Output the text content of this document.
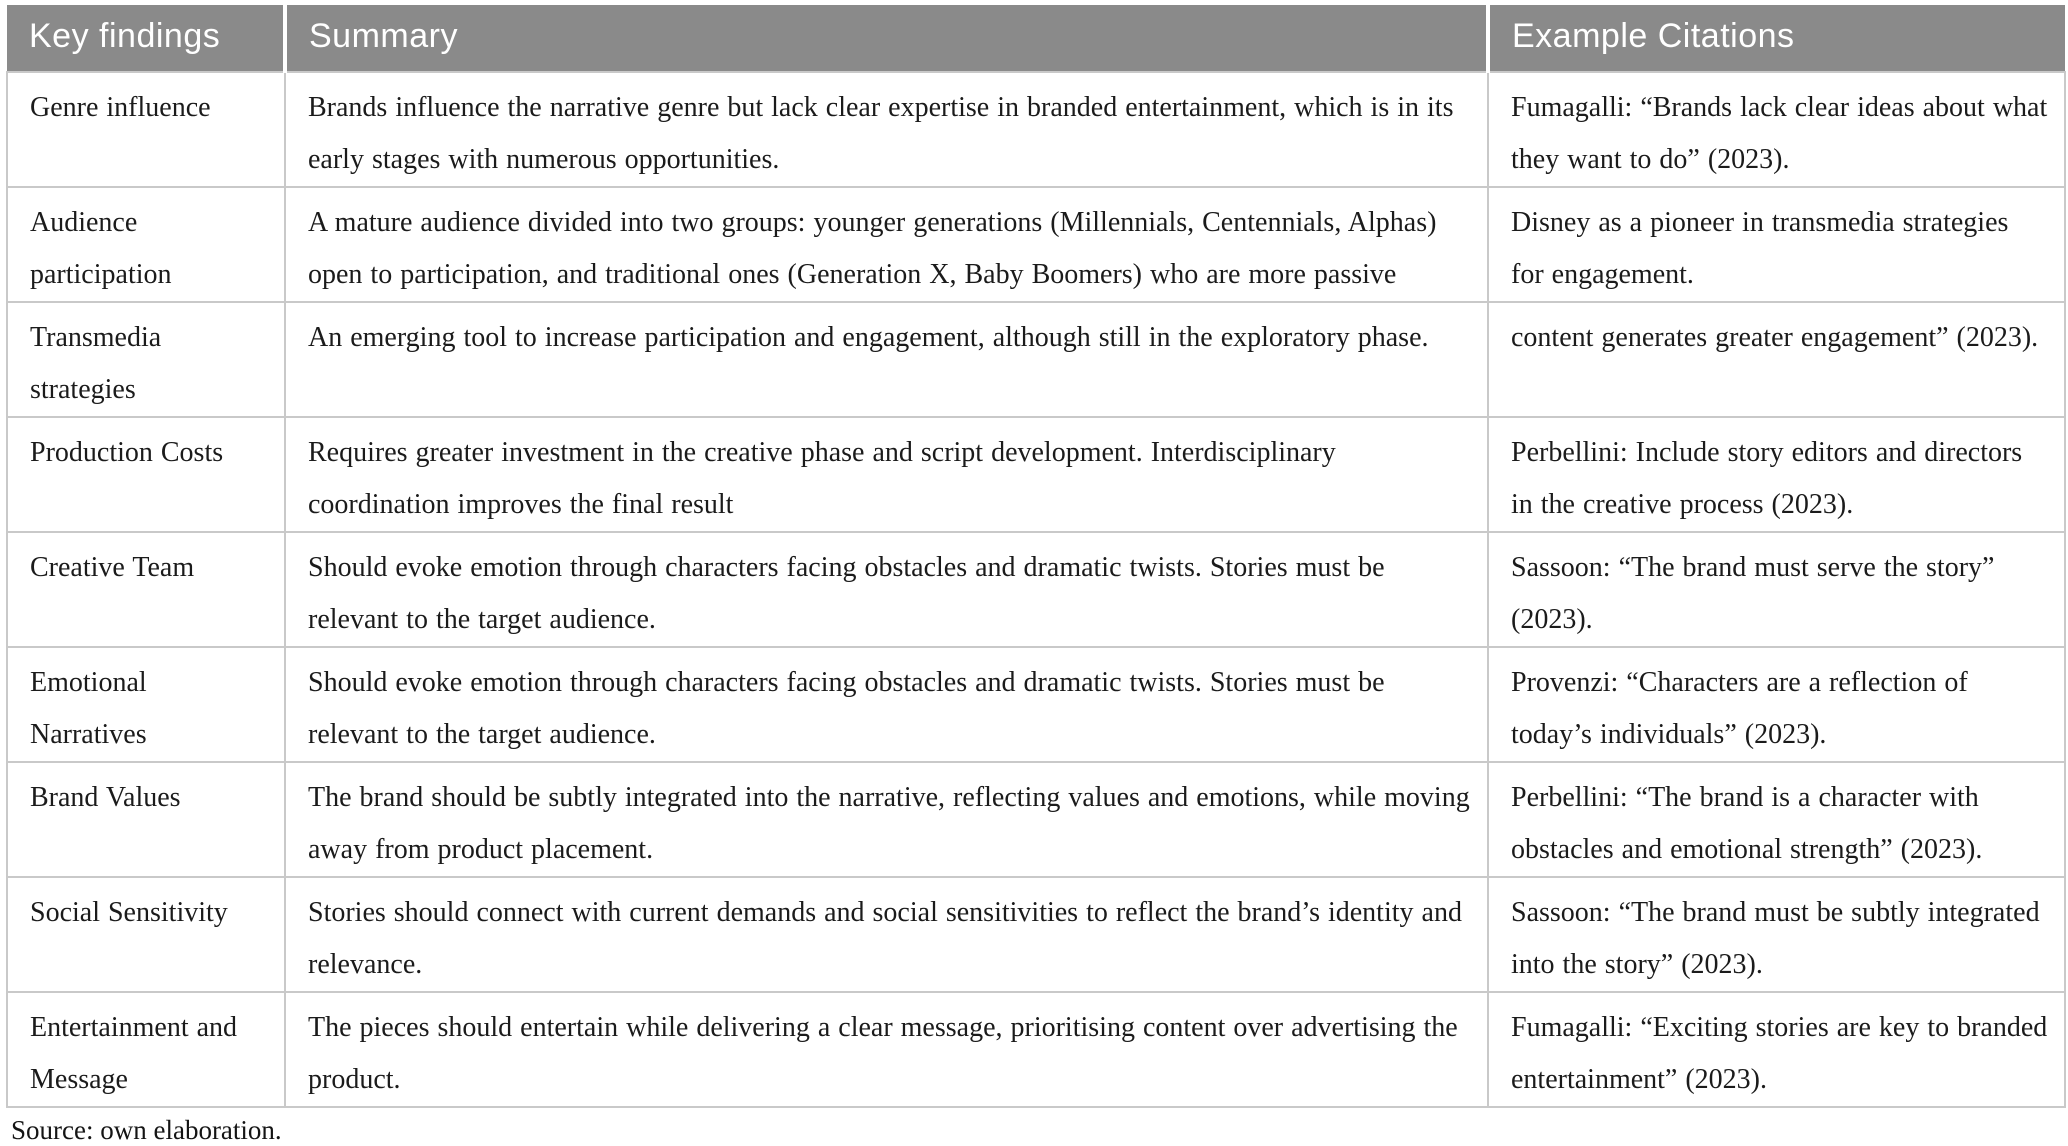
Key findings	Summary	Example Citations
Genre influence	Brands influence the narrative genre but lack clear expertise in branded entertainment, which is in its early stages with numerous opportunities.	Fumagalli: “Brands lack clear ideas about what they want to do” (2023).
Audience participation	A mature audience divided into two groups: younger generations (Millennials, Centennials, Alphas) open to participation, and traditional ones (Generation X, Baby Boomers) who are more passive	Disney as a pioneer in transmedia strategies for engagement.
Transmedia strategies	An emerging tool to increase participation and engagement, although still in the exploratory phase.	content generates greater engagement” (2023).
Production Costs	Requires greater investment in the creative phase and script development. Interdisciplinary coordination improves the final result	Perbellini: Include story editors and directors in the creative process (2023).
Creative Team	Should evoke emotion through characters facing obstacles and dramatic twists. Stories must be relevant to the target audience.	Sassoon: “The brand must serve the story” (2023).
Emotional Narratives	Should evoke emotion through characters facing obstacles and dramatic twists. Stories must be relevant to the target audience.	Provenzi: “Characters are a reflection of today’s individuals” (2023).
Brand Values	The brand should be subtly integrated into the narrative, reflecting values and emotions, while moving away from product placement.	Perbellini: “The brand is a character with obstacles and emotional strength” (2023).
Social Sensitivity	Stories should connect with current demands and social sensitivities to reflect the brand’s identity and relevance.	Sassoon: “The brand must be subtly integrated into the story” (2023).
Entertainment and Message	The pieces should entertain while delivering a clear message, prioritising content over advertising the product.	Fumagalli: “Exciting stories are key to branded entertainment” (2023).
Source: own elaboration.
